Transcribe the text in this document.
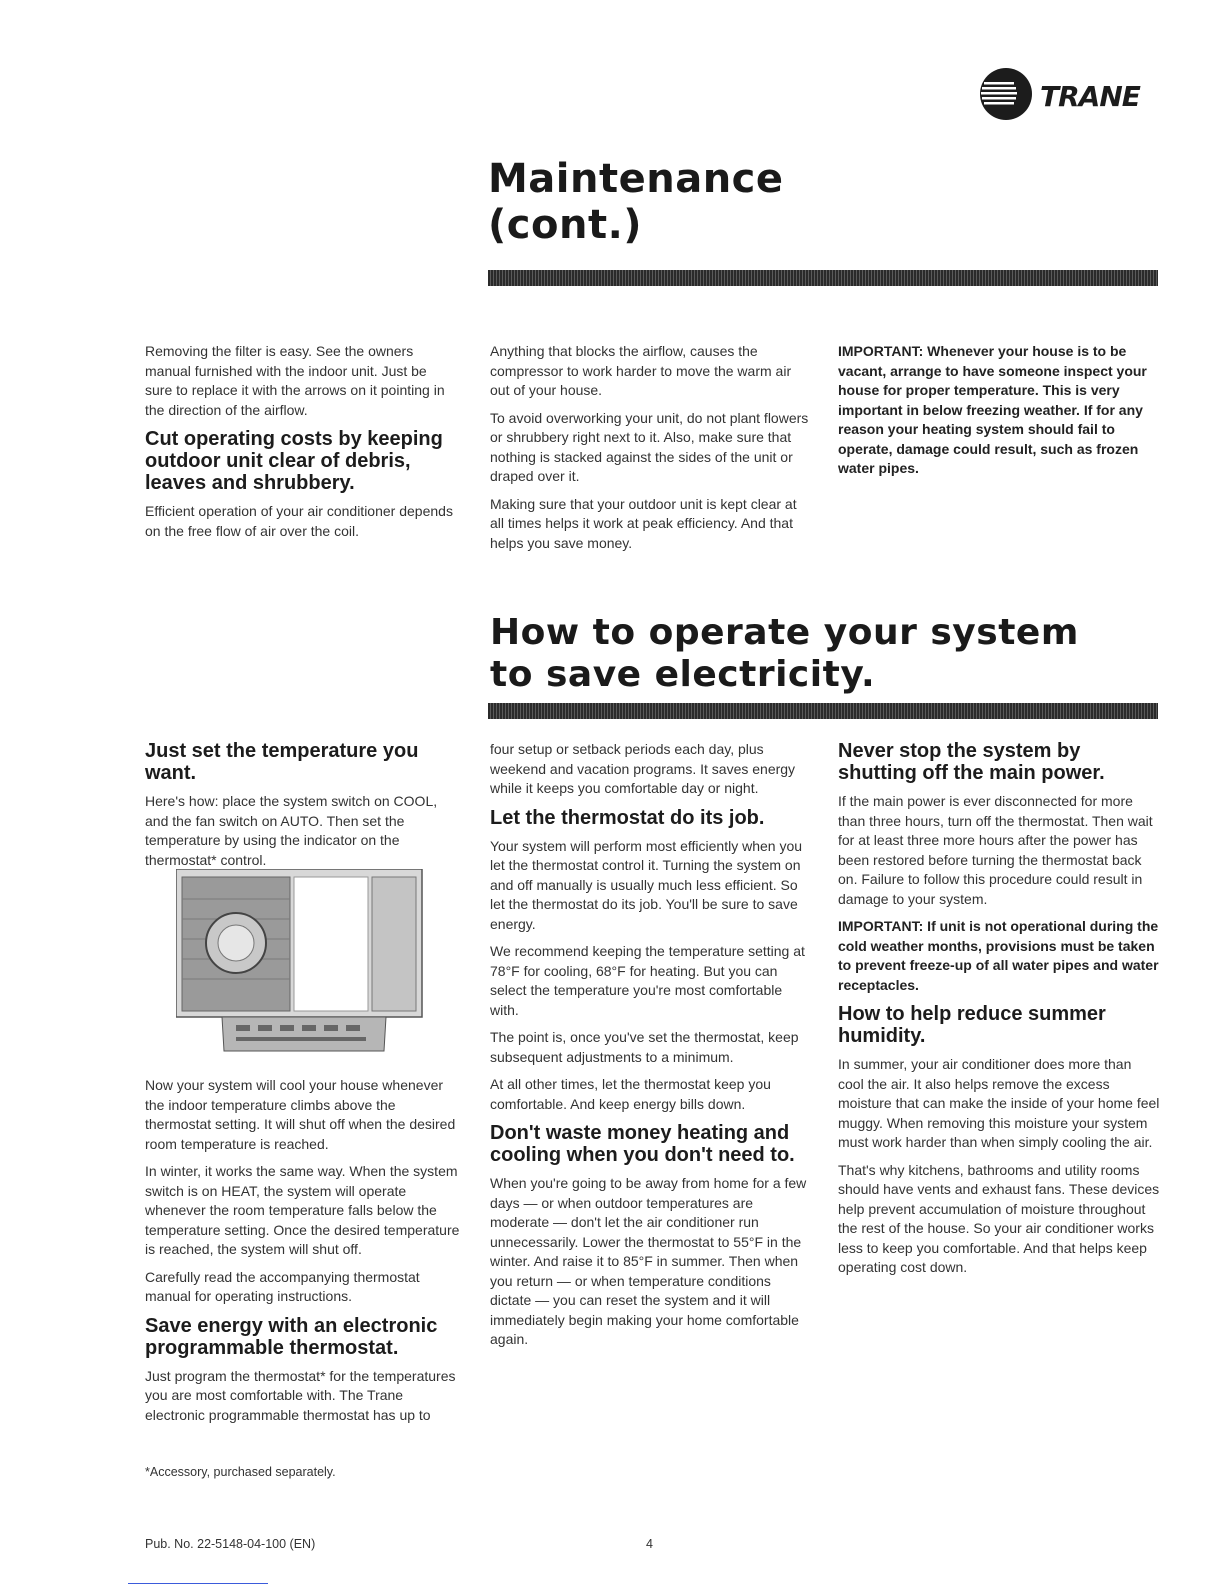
TRANE
Maintenance
(cont.)

Removing the filter is easy. See the owners manual furnished with the indoor unit. Just be sure to replace it with the arrows on it pointing in the direction of the airflow.

Cut operating costs by keeping outdoor unit clear of debris, leaves and shrubbery.

Efficient operation of your air conditioner depends on the free flow of air over the coil.

Anything that blocks the airflow, causes the compressor to work harder to move the warm air out of your house.

To avoid overworking your unit, do not plant flowers or shrubbery right next to it. Also, make sure that nothing is stacked against the sides of the unit or draped over it.

Making sure that your outdoor unit is kept clear at all times helps it work at peak efficiency. And that helps you save money.

IMPORTANT: Whenever your house is to be vacant, arrange to have someone inspect your house for proper temperature. This is very important in below freezing weather. If for any reason your heating system should fail to operate, damage could result, such as frozen water pipes.

How to operate your system
to save electricity.
Just set the temperature you want.

Here's how: place the system switch on COOL, and the fan switch on AUTO. Then set the temperature by using the indicator on the thermostat* control.

Now your system will cool your house whenever the indoor temperature climbs above the thermostat setting. It will shut off when the desired room temperature is reached.

In winter, it works the same way. When the system switch is on HEAT, the system will operate whenever the room temperature falls below the temperature setting. Once the desired temperature is reached, the system will shut off.

Carefully read the accompanying thermostat manual for operating instructions.

Save energy with an electronic programmable thermostat.

Just program the thermostat* for the temperatures you are most comfortable with. The Trane electronic programmable thermostat has up to

four setup or setback periods each day, plus weekend and vacation programs. It saves energy while it keeps you comfortable day or night.

Let the thermostat do its job.

Your system will perform most efficiently when you let the thermostat control it. Turning the system on and off manually is usually much less efficient. So let the thermostat do its job. You'll be sure to save energy.

We recommend keeping the temperature setting at 78°F for cooling, 68°F for heating. But you can select the temperature you're most comfortable with.

The point is, once you've set the thermostat, keep subsequent adjustments to a minimum.

At all other times, let the thermostat keep you comfortable. And keep energy bills down.

Don't waste money heating and cooling when you don't need to.

When you're going to be away from home for a few days — or when outdoor temperatures are moderate — don't let the air conditioner run unnecessarily. Lower the thermostat to 55°F in the winter. And raise it to 85°F in summer. Then when you return — or when temperature conditions dictate — you can reset the system and it will immediately begin making your home comfortable again.

Never stop the system by shutting off the main power.

If the main power is ever disconnected for more than three hours, turn off the thermostat. Then wait for at least three more hours after the power has been restored before turning the thermostat back on. Failure to follow this procedure could result in damage to your system.

IMPORTANT: If unit is not operational during the cold weather months, provisions must be taken to prevent freeze-up of all water pipes and water receptacles.

How to help reduce summer humidity.

In summer, your air conditioner does more than cool the air. It also helps remove the excess moisture that can make the inside of your home feel muggy. When removing this moisture your system must work harder than when simply cooling the air.

That's why kitchens, bathrooms and utility rooms should have vents and exhaust fans. These devices help prevent accumulation of moisture throughout the rest of the house. So your air conditioner works less to keep you comfortable. And that helps keep operating cost down.

*Accessory, purchased separately.
Pub. No. 22-5148-04-100 (EN)	4
